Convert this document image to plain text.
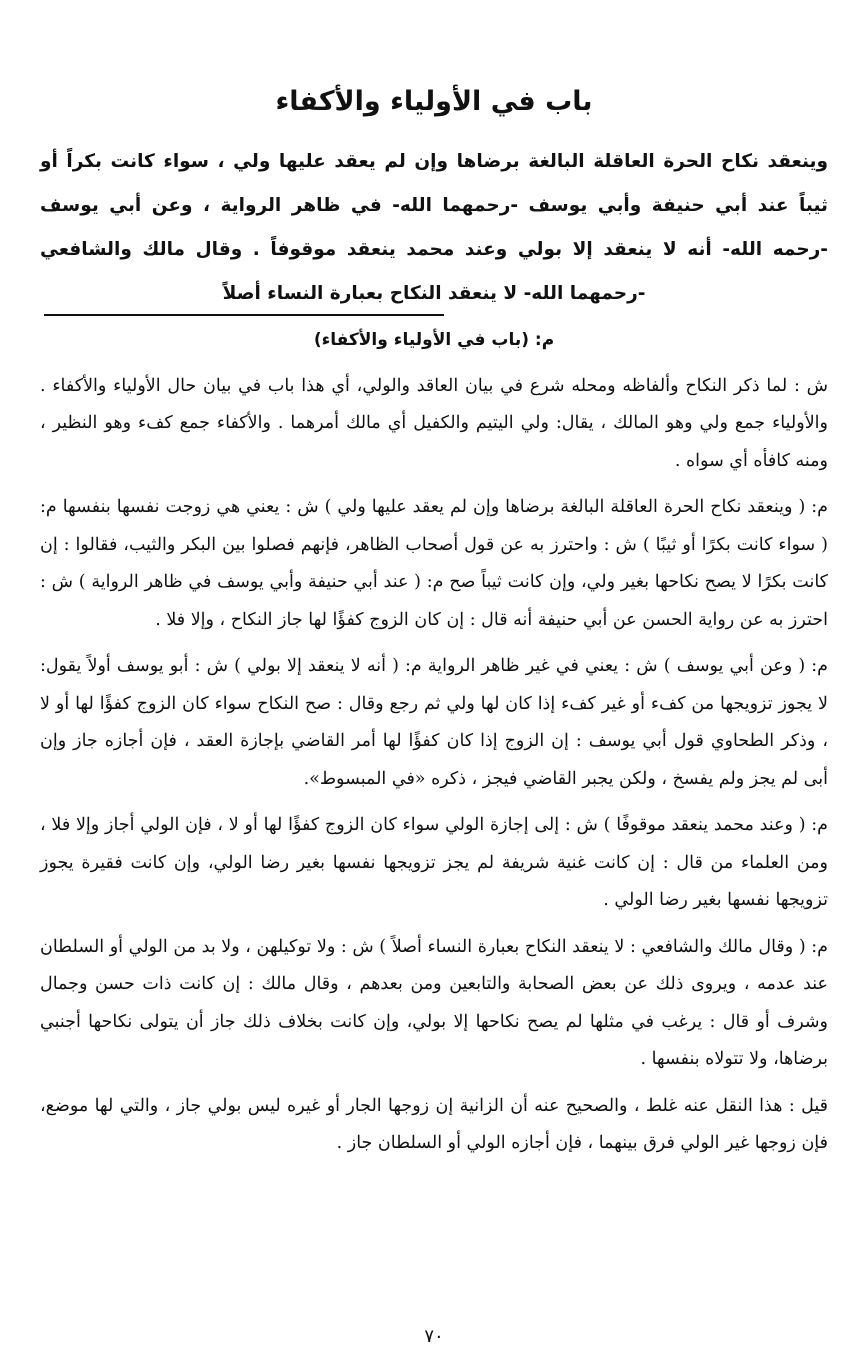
باب في الأولياء والأكفاء
وينعقد نكاح الحرة العاقلة البالغة برضاها وإن لم يعقد عليها ولي ، سواء كانت بكراً أو ثيباً عند أبي حنيفة وأبي يوسف -رحمهما الله- في ظاهر الرواية ، وعن أبي يوسف -رحمه الله- أنه لا ينعقد إلا بولي وعند محمد ينعقد موقوفاً . وقال مالك والشافعي -رحمهما الله- لا ينعقد النكاح بعبارة النساء أصلاً

م: (باب في الأولياء والأكفاء)

ش : لما ذكر النكاح وألفاظه ومحله شرع في بيان العاقد والولي، أي هذا باب في بيان حال الأولياء والأكفاء . والأولياء جمع ولي وهو المالك ، يقال: ولي اليتيم والكفيل أي مالك أمرهما . والأكفاء جمع كفء وهو النظير ، ومنه كافأه أي سواه .

م: ( وينعقد نكاح الحرة العاقلة البالغة برضاها وإن لم يعقد عليها ولي ) ش : يعني هي زوجت نفسها بنفسها م: ( سواء كانت بكرًا أو ثيبًا ) ش : واحترز به عن قول أصحاب الظاهر، فإنهم فصلوا بين البكر والثيب، فقالوا : إن كانت بكرًا لا يصح نكاحها بغير ولي، وإن كانت ثيباً صح م: ( عند أبي حنيفة وأبي يوسف في ظاهر الرواية ) ش : احترز به عن رواية الحسن عن أبي حنيفة أنه قال : إن كان الزوج كفؤًا لها جاز النكاح ، وإلا فلا .

م: ( وعن أبي يوسف ) ش : يعني في غير ظاهر الرواية م: ( أنه لا ينعقد إلا بولي ) ش : أبو يوسف أولاً يقول: لا يجوز تزويجها من كفء أو غير كفء إذا كان لها ولي ثم رجع وقال : صح النكاح سواء كان الزوج كفؤًا لها أو لا ، وذكر الطحاوي قول أبي يوسف : إن الزوج إذا كان كفؤًا لها أمر القاضي بإجازة العقد ، فإن أجازه جاز وإن أبى لم يجز ولم يفسخ ، ولكن يجبر القاضي فيجز ، ذكره «في المبسوط».

م: ( وعند محمد ينعقد موقوفًا ) ش : إلى إجازة الولي سواء كان الزوج كفؤًا لها أو لا ، فإن الولي أجاز وإلا فلا ، ومن العلماء من قال : إن كانت غنية شريفة لم يجز تزويجها نفسها بغير رضا الولي، وإن كانت فقيرة يجوز تزويجها نفسها بغير رضا الولي .

م: ( وقال مالك والشافعي : لا ينعقد النكاح بعبارة النساء أصلاً ) ش : ولا توكيلهن ، ولا بد من الولي أو السلطان عند عدمه ، ويروى ذلك عن بعض الصحابة والتابعين ومن بعدهم ، وقال مالك : إن كانت ذات حسن وجمال وشرف أو قال : يرغب في مثلها لم يصح نكاحها إلا بولي، وإن كانت بخلاف ذلك جاز أن يتولى نكاحها أجنبي برضاها، ولا تتولاه بنفسها .

قيل : هذا النقل عنه غلط ، والصحيح عنه أن الزانية إن زوجها الجار أو غيره ليس بولي جاز ، والتي لها موضع، فإن زوجها غير الولي فرق بينهما ، فإن أجازه الولي أو السلطان جاز .

٧٠
